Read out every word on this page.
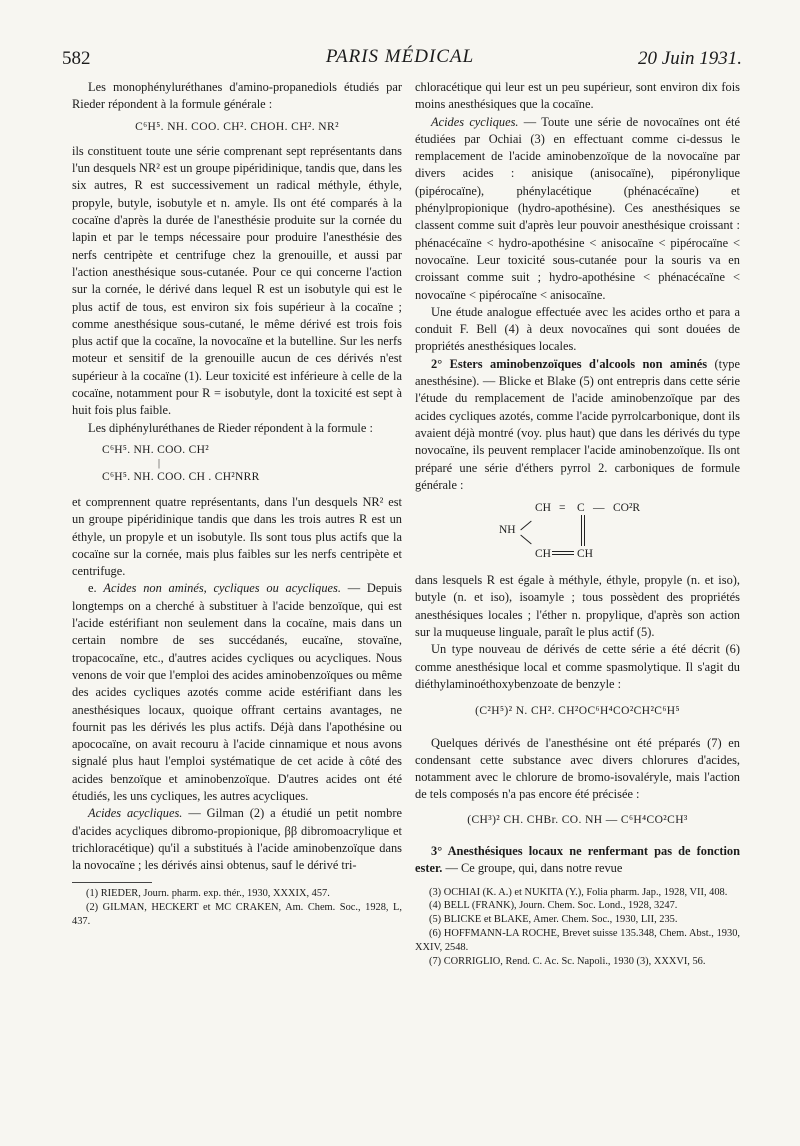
582	PARIS MÉDICAL	20 Juin 1931.

Les monophényluréthanes d'amino-propanediols étudiés par Rieder répondent à la formule générale :

C⁶H⁵. NH. COO. CH². CHOH. CH². NR²

ils constituent toute une série comprenant sept représentants dans l'un desquels NR² est un groupe pipéridinique, tandis que, dans les six autres, R est successivement un radical méthyle, éthyle, propyle, butyle, isobutyle et n. amyle. Ils ont été comparés à la cocaïne d'après la durée de l'anesthésie produite sur la cornée du lapin et par le temps nécessaire pour produire l'anesthésie des nerfs centripète et centrifuge chez la grenouille, et aussi par l'action anesthésique sous-cutanée. Pour ce qui concerne l'action sur la cornée, le dérivé dans lequel R est un isobutyle qui est le plus actif de tous, est environ six fois supérieur à la cocaïne ; comme anesthésique sous-cutané, le même dérivé est trois fois plus actif que la cocaïne, la novocaïne et la butelline. Sur les nerfs moteur et sensitif de la grenouille aucun de ces dérivés n'est supérieur à la cocaïne (1). Leur toxicité est inférieure à celle de la cocaïne, notamment pour R = isobutyle, dont la toxicité est sept à huit fois plus faible.

Les diphényluréthanes de Rieder répondent à la formule :

C⁶H⁵. NH. COO. CH²
|
C⁶H⁵. NH. COO. CH . CH²NRR

et comprennent quatre représentants, dans l'un desquels NR² est un groupe pipéridinique tandis que dans les trois autres R est un éthyle, un propyle et un isobutyle. Ils sont tous plus actifs que la cocaïne sur la cornée, mais plus faibles sur les nerfs centripète et centrifuge.

e. Acides non aminés, cycliques ou acycliques. — Depuis longtemps on a cherché à substituer à l'acide benzoïque, qui est l'acide estérifiant non seulement dans la cocaïne, mais dans un certain nombre de ses succédanés, eucaïne, stovaïne, tropacocaïne, etc., d'autres acides cycliques ou acycliques. Nous venons de voir que l'emploi des acides aminobenzoïques ou même des acides cycliques azotés comme acide estérifiant dans les anesthésiques locaux, quoique offrant certains avantages, ne fournit pas les dérivés les plus actifs. Déjà dans l'apothésine ou apococaïne, on avait recouru à l'acide cinnamique et nous avons signalé plus haut l'emploi systématique de cet acide à côté des acides benzoïque et aminobenzoïque. D'autres acides ont été étudiés, les uns cycliques, les autres acycliques.

Acides acycliques. — Gilman (2) a étudié un petit nombre d'acides acycliques dibromo-propionique, ββ dibromoacrylique et trichloracétique) qu'il a substitués à l'acide aminobenzoïque dans la novocaïne ; les dérivés ainsi obtenus, sauf le dérivé tri-

(1) RIEDER, Journ. pharm. exp. thér., 1930, XXXIX, 457.

(2) GILMAN, HECKERT et MC CRAKEN, Am. Chem. Soc., 1928, L, 437.

chloracétique qui leur est un peu supérieur, sont environ dix fois moins anesthésiques que la cocaïne.

Acides cycliques. — Toute une série de novocaïnes ont été étudiées par Ochiai (3) en effectuant comme ci-dessus le remplacement de l'acide aminobenzoïque de la novocaïne par divers acides : anisique (anisocaïne), pipéronylique (pipérocaïne), phénylacétique (phénacécaïne) et phénylpropionique (hydro-apothésine). Ces anesthésiques se classent comme suit d'après leur pouvoir anesthésique croissant : phénacécaïne < hydro-apothésine < anisocaïne < pipérocaïne < novocaïne. Leur toxicité sous-cutanée pour la souris va en croissant comme suit ; hydro-apothésine < phénacécaïne < novocaïne < pipérocaïne < anisocaïne.

Une étude analogue effectuée avec les acides ortho et para a conduit F. Bell (4) à deux novocaïnes qui sont douées de propriétés anesthésiques locales.

2° Esters aminobenzoïques d'alcools non aminés (type anesthésine). — Blicke et Blake (5) ont entrepris dans cette série l'étude du remplacement de l'acide aminobenzoïque par des acides cycliques azotés, comme l'acide pyrrolcarbonique, dont ils avaient déjà montré (voy. plus haut) que dans les dérivés du type novocaïne, ils peuvent remplacer l'acide aminobenzoïque. Ils ont préparé une série d'éthers pyrrol 2. carboniques de formule générale :

CH = C — CO²R
NH
CH CH

dans lesquels R est égale à méthyle, éthyle, propyle (n. et iso), butyle (n. et iso), isoamyle ; tous possèdent des propriétés anesthésiques locales ; l'éther n. propylique, d'après son action sur la muqueuse linguale, paraît le plus actif (5).

Un type nouveau de dérivés de cette série a été décrit (6) comme anesthésique local et comme spasmolytique. Il s'agit du diéthylaminoéthoxybenzoate de benzyle :

(C²H⁵)² N. CH². CH²OC⁶H⁴CO²CH²C⁶H⁵

Quelques dérivés de l'anesthésine ont été préparés (7) en condensant cette substance avec divers chlorures d'acides, notamment avec le chlorure de bromo-isovaléryle, mais l'action de tels composés n'a pas encore été précisée :

(CH³)² CH. CHBr. CO. NH — C⁶H⁴CO²CH³

3° Anesthésiques locaux ne renfermant pas de fonction ester. — Ce groupe, qui, dans notre revue

(3) OCHIAI (K. A.) et NUKITA (Y.), Folia pharm. Jap., 1928, VII, 408.

(4) BELL (FRANK), Journ. Chem. Soc. Lond., 1928, 3247.

(5) BLICKE et BLAKE, Amer. Chem. Soc., 1930, LII, 235.

(6) HOFFMANN-LA ROCHE, Brevet suisse 135.348, Chem. Abst., 1930, XXIV, 2548.

(7) CORRIGLIO, Rend. C. Ac. Sc. Napoli., 1930 (3), XXXVI, 56.
